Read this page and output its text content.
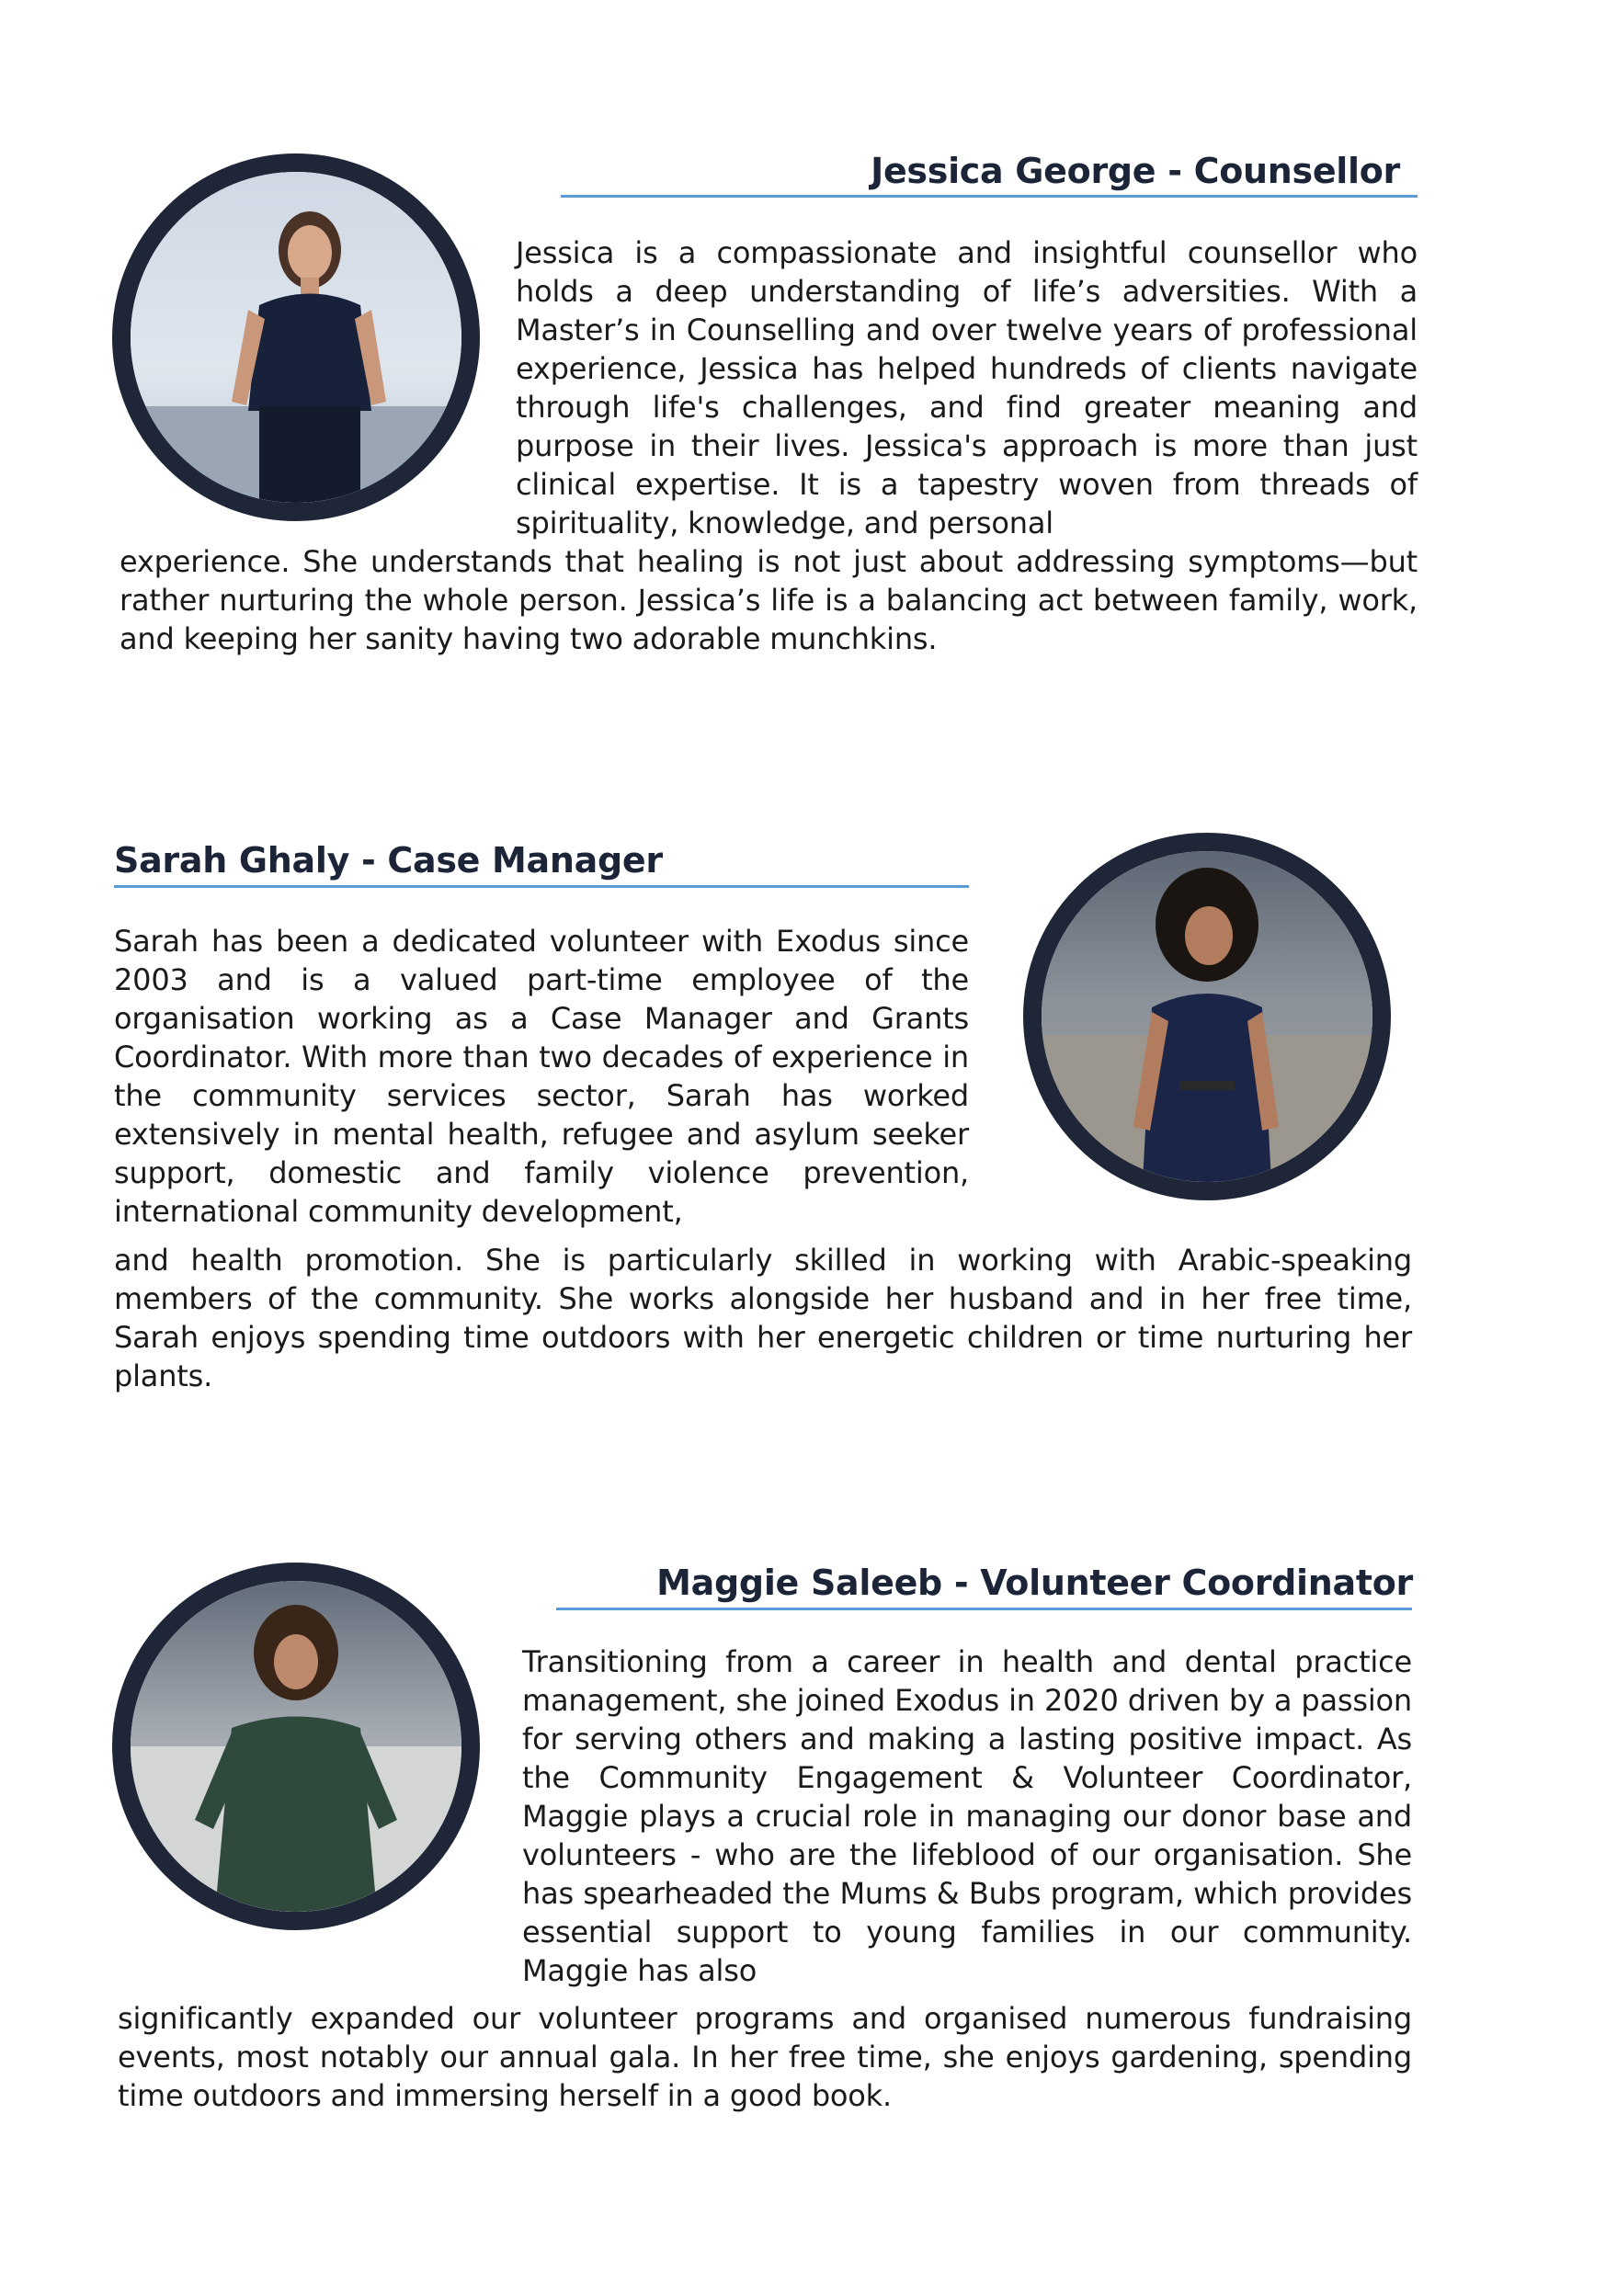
Jessica George - Counsellor

Jessica is a compassionate and insightful counsellor who holds a deep understanding of life’s adversities. With a Master’s in Counselling and over twelve years of professional experience, Jessica has helped hundreds of clients navigate through life's challenges, and find greater meaning and purpose in their lives. Jessica's approach is more than just clinical expertise. It is a tapestry woven from threads of spirituality, knowledge, and personal

experience. She understands that healing is not just about addressing symptoms—but rather nurturing the whole person. Jessica’s life is a balancing act between family, work, and keeping her sanity having two adorable munchkins.

Sarah Ghaly - Case Manager

Sarah has been a dedicated volunteer with Exodus since 2003 and is a valued part-time employee of the organisation working as a Case Manager and Grants Coordinator. With more than two decades of experience in the community services sector, Sarah has worked extensively in mental health, refugee and asylum seeker support, domestic and family violence prevention, international community development,

and health promotion. She is particularly skilled in working with Arabic-speaking members of the community. She works alongside her husband and in her free time, Sarah enjoys spending time outdoors with her energetic children or time nurturing her plants.

Maggie Saleeb - Volunteer Coordinator

Transitioning from a career in health and dental practice management, she joined Exodus in 2020 driven by a passion for serving others and making a lasting positive impact. As the Community Engagement & Volunteer Coordinator, Maggie plays a crucial role in managing our donor base and volunteers - who are the lifeblood of our organisation. She has spearheaded the Mums & Bubs program, which provides essential support to young families in our community. Maggie has also

significantly expanded our volunteer programs and organised numerous fundraising events, most notably our annual gala. In her free time, she enjoys gardening, spending time outdoors and immersing herself in a good book.
